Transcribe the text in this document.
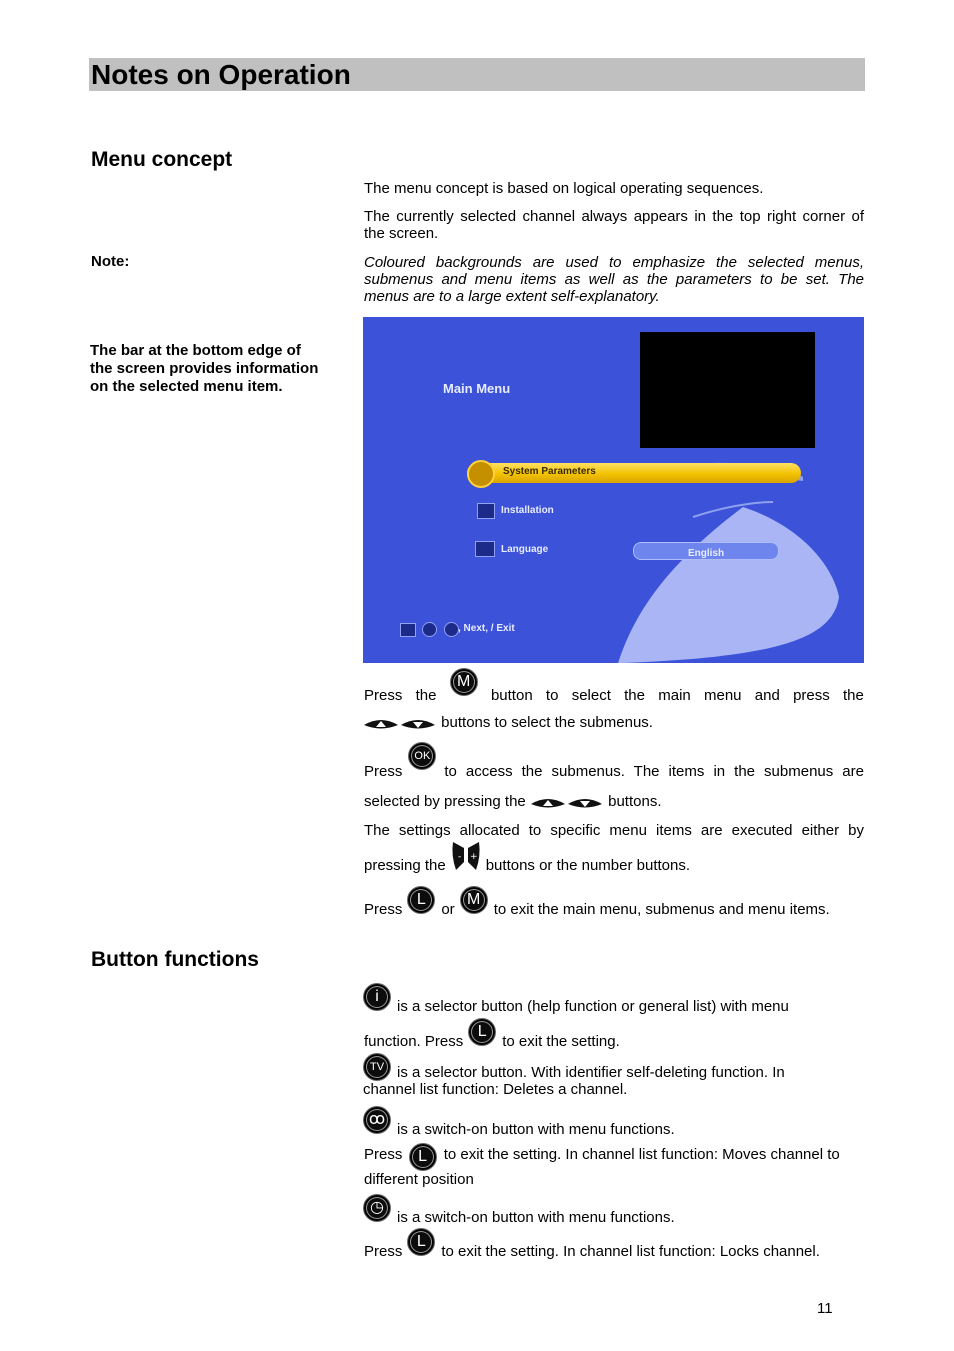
Notes on Operation
Menu concept
The menu concept is based on logical operating sequences.
The currently selected channel always appears in the top right corner of the screen.
Note:	Coloured backgrounds are used to emphasize the selected menus, submenus and menu items as well as the parameters to be set. The menus are to a large extent self-explanatory.
The bar at the bottom edge of the screen provides information on the selected menu item.	Main Menu
System Parameters
Installation
Language	English
, Next, / Exit
Press the
M
button to select the main menu and press the
buttons to select the submenus.
Press
OK
to access the submenus. The items in the submenus are
selected by pressing the	buttons.
The settings allocated to specific menu items are executed either by
pressing the - + buttons or the number buttons.
Press
L
or
M
to exit the main menu, submenus and menu items.
Button functions
i
is a selector button (help function or general list) with menu
function. Press
L
to exit the setting.
TV is a selector button. With identifier self-deleting function. In channel list function: Deletes a channel.
ꝏ
is a switch-on button with menu functions.
Press L to exit the setting. In channel list function: Moves channel to different position
◷
is a switch-on button with menu functions.
Press
L
to exit the setting. In channel list function: Locks channel.
11
